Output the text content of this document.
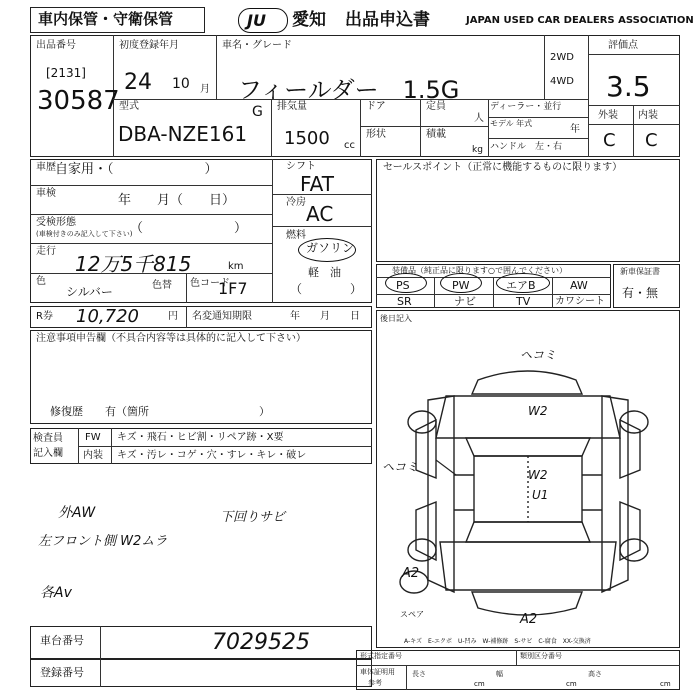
車内保管・守衛保管	JU 愛知 出品申込書	JAPAN USED CAR DEALERS ASSOCIATION
出品番号
[2131]
30587
初度登録年月
24 10 月
車名・グレード
フィールダー　1.5G
2WD
4WD
評価点
3.5
外装 内装
C C
型式
DBA-NZE161
G 排気量
1500 cc
ドア
形状
定員
人
積載
kg
ディーラー・並行
モデル 年式
年
ハンドル　左・右
車歴 自家用・（　　　　　　　）
車検	年　　月（　　日）
受検形態
(車検付きのみ記入して下さい)
（　　　　　　　）
走行
12万5千815	km
色
シルバー	色替 色コード
1F7
シフト
FAT
冷房 AC
燃料
ガソリン
軽　油
（　　　　）
セールスポイント（正常に機能するものに限ります）
装備品（純正品に限ります○で囲んでください）
PS	PW	エアB	AW
SR	ナビ	TV カワシート
新車保証書
有・無
R券 10,720	円 名変通知期限	年　　月　　日	後日記入
注意事項申告欄（不具合内容等は具体的に記入して下さい）
修復歴　　有（箇所　　　　　　　　　　）
検査員
記入欄
FW キズ・飛石・ヒビ割・リペア跡・X要
内装 キズ・汚レ・コゲ・穴・すレ・キレ・破レ
外AW
左フロント側 W2ムラ
各Av
下回りサビ
ヘコミ
ヘコミ
W2
W2
U1
A2
スペア	A2
A-キズ　E-エクボ　U-凹み　W-補修跡　S-サビ　C-腐食　XX-交換済
車台番号	7029525
登録番号
形式指定番号	類別区分番号
車体証明用
参考
長さ
cm
幅
cm
高さ
cm
